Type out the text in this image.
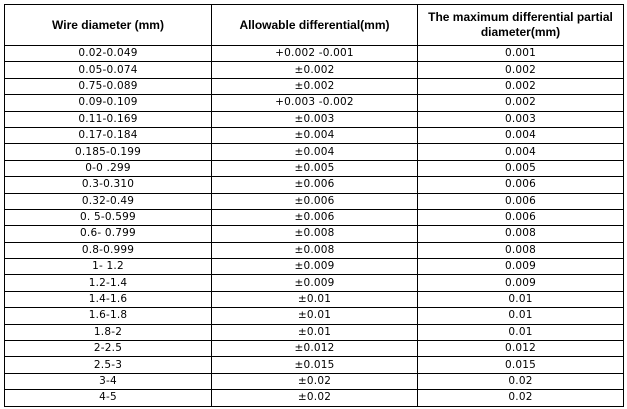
Wire diameter (mm)	Allowable differential(mm)	The maximum differential partial diameter(mm)
0.02-0.049	+0.002 -0.001	0.001
0.05-0.074	±0.002	0.002
0.75-0.089	±0.002	0.002
0.09-0.109	+0.003 -0.002	0.002
0.11-0.169	±0.003	0.003
0.17-0.184	±0.004	0.004
0.185-0.199	±0.004	0.004
0-0 .299	±0.005	0.005
0.3-0.310	±0.006	0.006
0.32-0.49	±0.006	0.006
0. 5-0.599	±0.006	0.006
0.6- 0.799	±0.008	0.008
0.8-0.999	±0.008	0.008
1- 1.2	±0.009	0.009
1.2-1.4	±0.009	0.009
1.4-1.6	±0.01	0.01
1.6-1.8	±0.01	0.01
1.8-2	±0.01	0.01
2-2.5	±0.012	0.012
2.5-3	±0.015	0.015
3-4	±0.02	0.02
4-5	±0.02	0.02
